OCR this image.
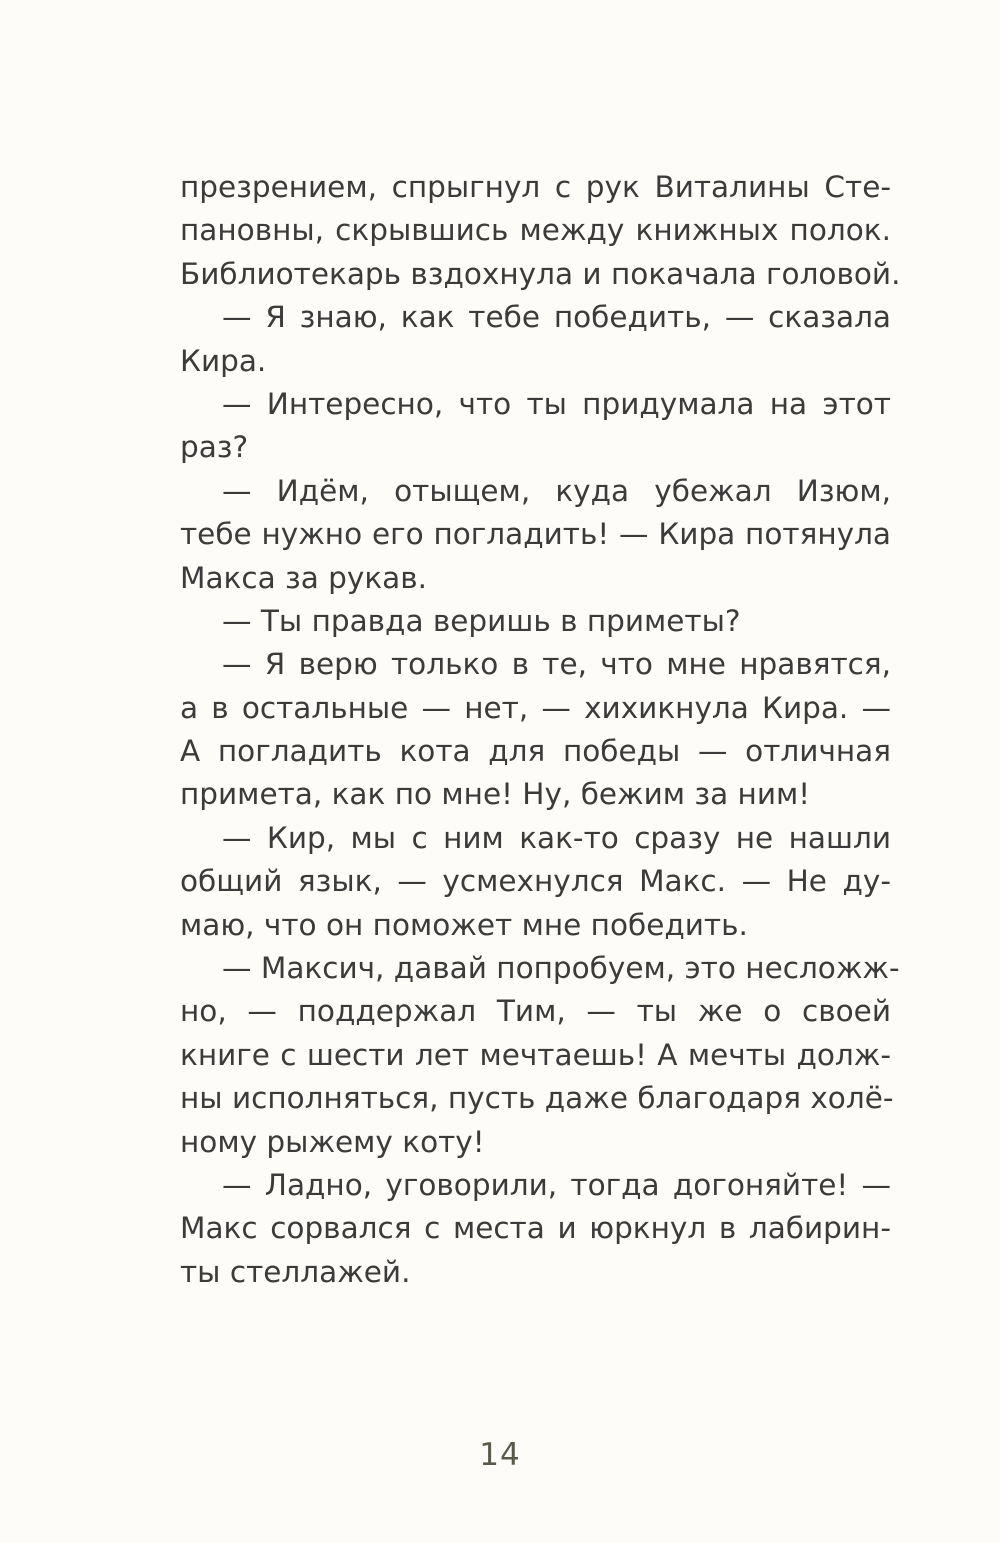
презрением, спрыгнул с рук Виталины Сте-
пановны, скрывшись между книжных полок.
Библиотекарь вздохнула и покачала головой.
— Я знаю, как тебе победить, — сказала
Кира.
— Интересно, что ты придумала на этот
раз?
— Идём, отыщем, куда убежал Изюм,
тебе нужно его погладить! — Кира потянула
Макса за рукав.
— Ты правда веришь в приметы?
— Я верю только в те, что мне нравятся,
а в остальные — нет, — хихикнула Кира. —
А погладить кота для победы — отличная
примета, как по мне! Ну, бежим за ним!
— Кир, мы с ним как-то сразу не нашли
общий язык, — усмехнулся Макс. — Не ду-
маю, что он поможет мне победить.
— Максич, давай попробуем, это несложж-
но, — поддержал Тим, — ты же о своей
книге с шести лет мечтаешь! А мечты долж-
ны исполняться, пусть даже благодаря холё-
ному рыжему коту!
— Ладно, уговорили, тогда догоняйте! —
Макс сорвался с места и юркнул в лабирин-
ты стеллажей.
14
